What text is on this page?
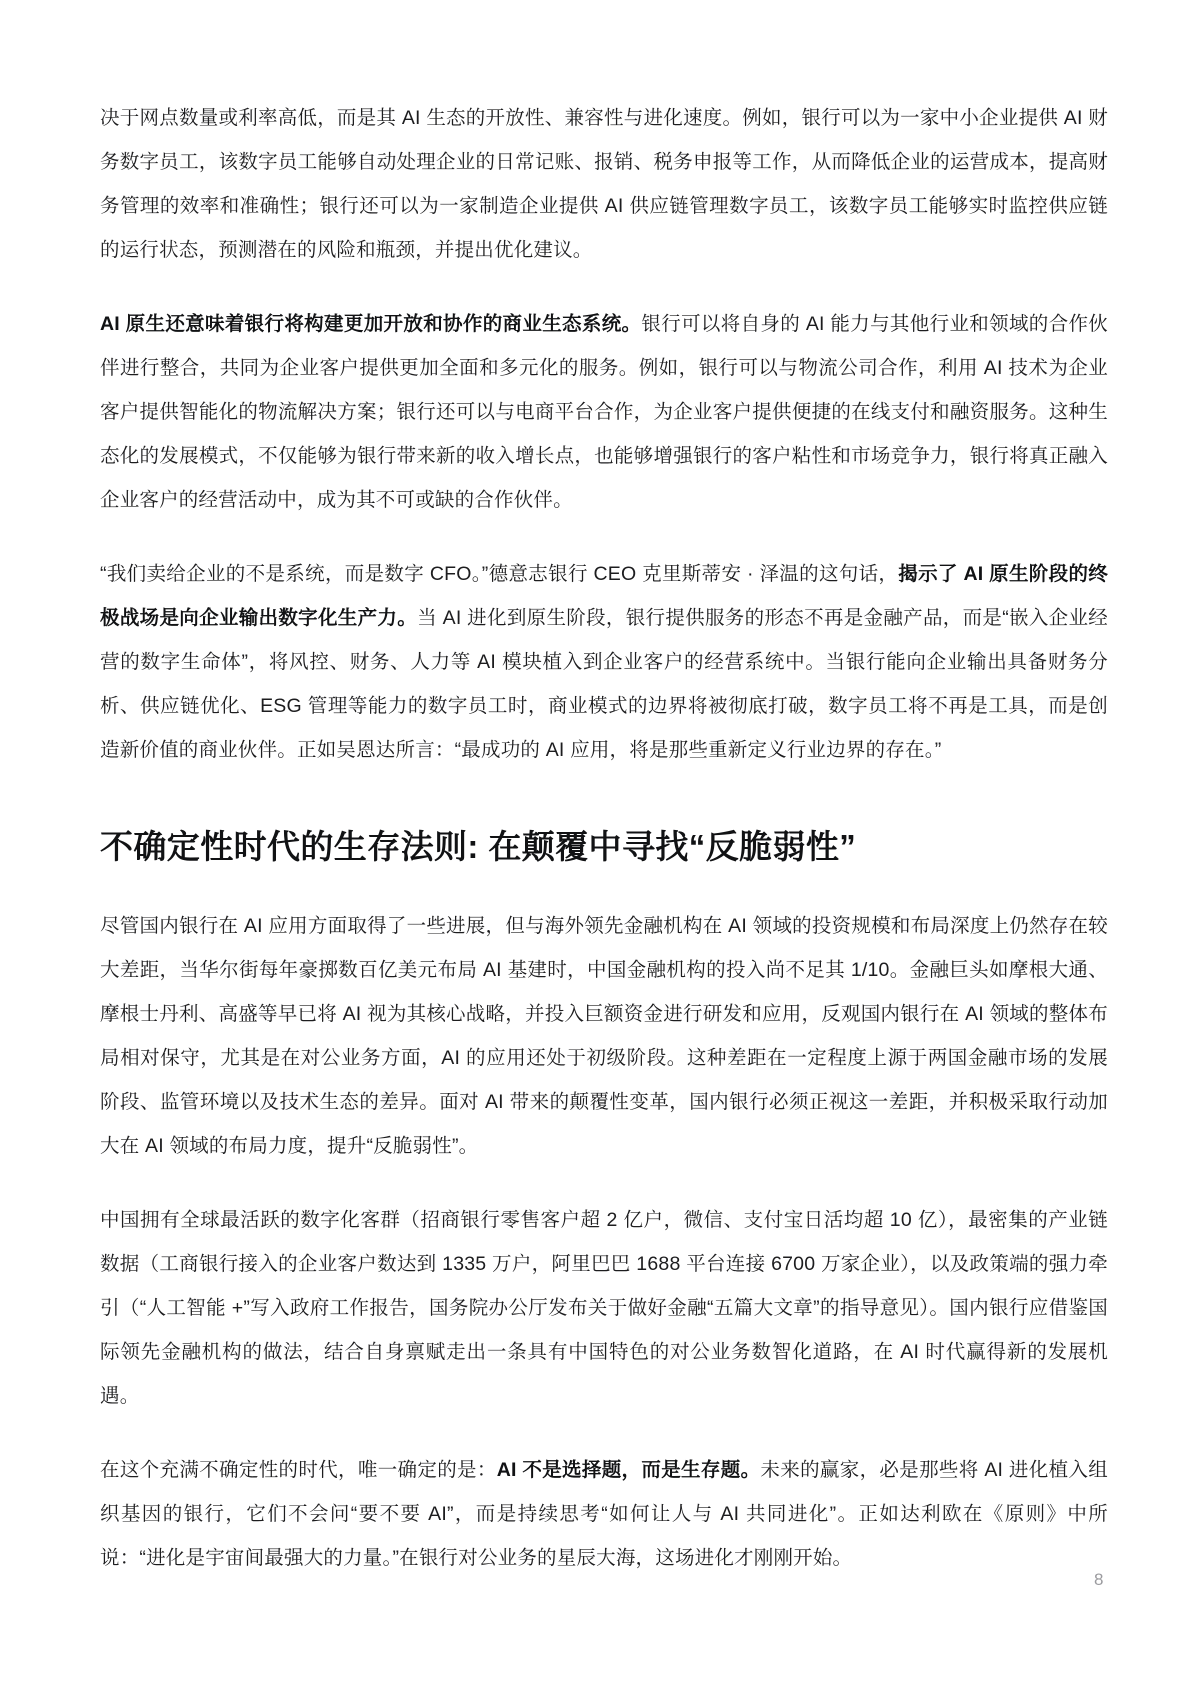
决于网点数量或利率高低，而是其 AI 生态的开放性、兼容性与进化速度。例如，银行可以为一家中小企业提供 AI 财务数字员工，该数字员工能够自动处理企业的日常记账、报销、税务申报等工作，从而降低企业的运营成本，提高财务管理的效率和准确性；银行还可以为一家制造企业提供 AI 供应链管理数字员工，该数字员工能够实时监控供应链的运行状态，预测潜在的风险和瓶颈，并提出优化建议。

AI 原生还意味着银行将构建更加开放和协作的商业生态系统。银行可以将自身的 AI 能力与其他行业和领域的合作伙伴进行整合，共同为企业客户提供更加全面和多元化的服务。例如，银行可以与物流公司合作，利用 AI 技术为企业客户提供智能化的物流解决方案；银行还可以与电商平台合作，为企业客户提供便捷的在线支付和融资服务。这种生态化的发展模式，不仅能够为银行带来新的收入增长点，也能够增强银行的客户粘性和市场竞争力，银行将真正融入企业客户的经营活动中，成为其不可或缺的合作伙伴。

“我们卖给企业的不是系统，而是数字 CFO。”德意志银行 CEO 克里斯蒂安 · 泽温的这句话，揭示了 AI 原生阶段的终极战场是向企业输出数字化生产力。当 AI 进化到原生阶段，银行提供服务的形态不再是金融产品，而是“嵌入企业经营的数字生命体”，将风控、财务、人力等 AI 模块植入到企业客户的经营系统中。当银行能向企业输出具备财务分析、供应链优化、ESG 管理等能力的数字员工时，商业模式的边界将被彻底打破，数字员工将不再是工具，而是创造新价值的商业伙伴。正如吴恩达所言：“最成功的 AI 应用，将是那些重新定义行业边界的存在。”

不确定性时代的生存法则: 在颠覆中寻找“反脆弱性”

尽管国内银行在 AI 应用方面取得了一些进展，但与海外领先金融机构在 AI 领域的投资规模和布局深度上仍然存在较大差距，当华尔街每年豪掷数百亿美元布局 AI 基建时，中国金融机构的投入尚不足其 1/10。金融巨头如摩根大通、摩根士丹利、高盛等早已将 AI 视为其核心战略，并投入巨额资金进行研发和应用，反观国内银行在 AI 领域的整体布局相对保守，尤其是在对公业务方面，AI 的应用还处于初级阶段。这种差距在一定程度上源于两国金融市场的发展阶段、监管环境以及技术生态的差异。面对 AI 带来的颠覆性变革，国内银行必须正视这一差距，并积极采取行动加大在 AI 领域的布局力度，提升“反脆弱性”。

中国拥有全球最活跃的数字化客群（招商银行零售客户超 2 亿户，微信、支付宝日活均超 10 亿），最密集的产业链数据（工商银行接入的企业客户数达到 1335 万户，阿里巴巴 1688 平台连接 6700 万家企业），以及政策端的强力牵引（“人工智能 +”写入政府工作报告，国务院办公厅发布关于做好金融“五篇大文章”的指导意见）。国内银行应借鉴国际领先金融机构的做法，结合自身禀赋走出一条具有中国特色的对公业务数智化道路，在 AI 时代赢得新的发展机遇。

在这个充满不确定性的时代，唯一确定的是：AI 不是选择题，而是生存题。未来的赢家，必是那些将 AI 进化植入组织基因的银行，它们不会问“要不要 AI”，而是持续思考“如何让人与 AI 共同进化”。正如达利欧在《原则》中所说：“进化是宇宙间最强大的力量。”在银行对公业务的星辰大海，这场进化才刚刚开始。

8
